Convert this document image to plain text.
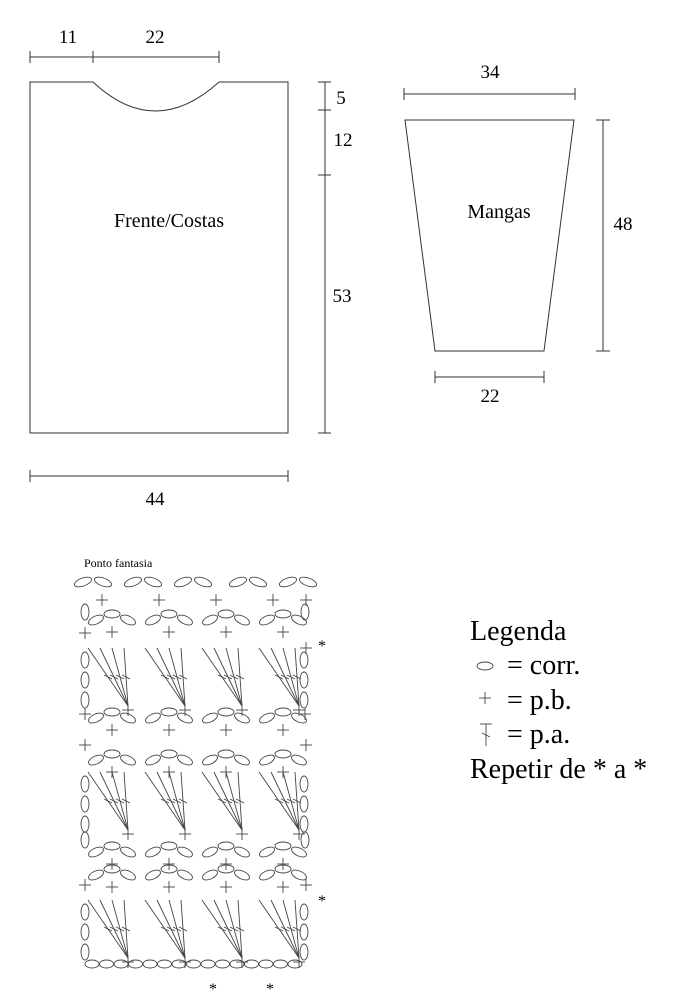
11	22
5
12
53
44
Frente/Costas
34
48
22
Mangas
Ponto fantasia
*
*
*	*
Legenda
= corr.
= p.b.
= p.a.
Repetir de * a *
